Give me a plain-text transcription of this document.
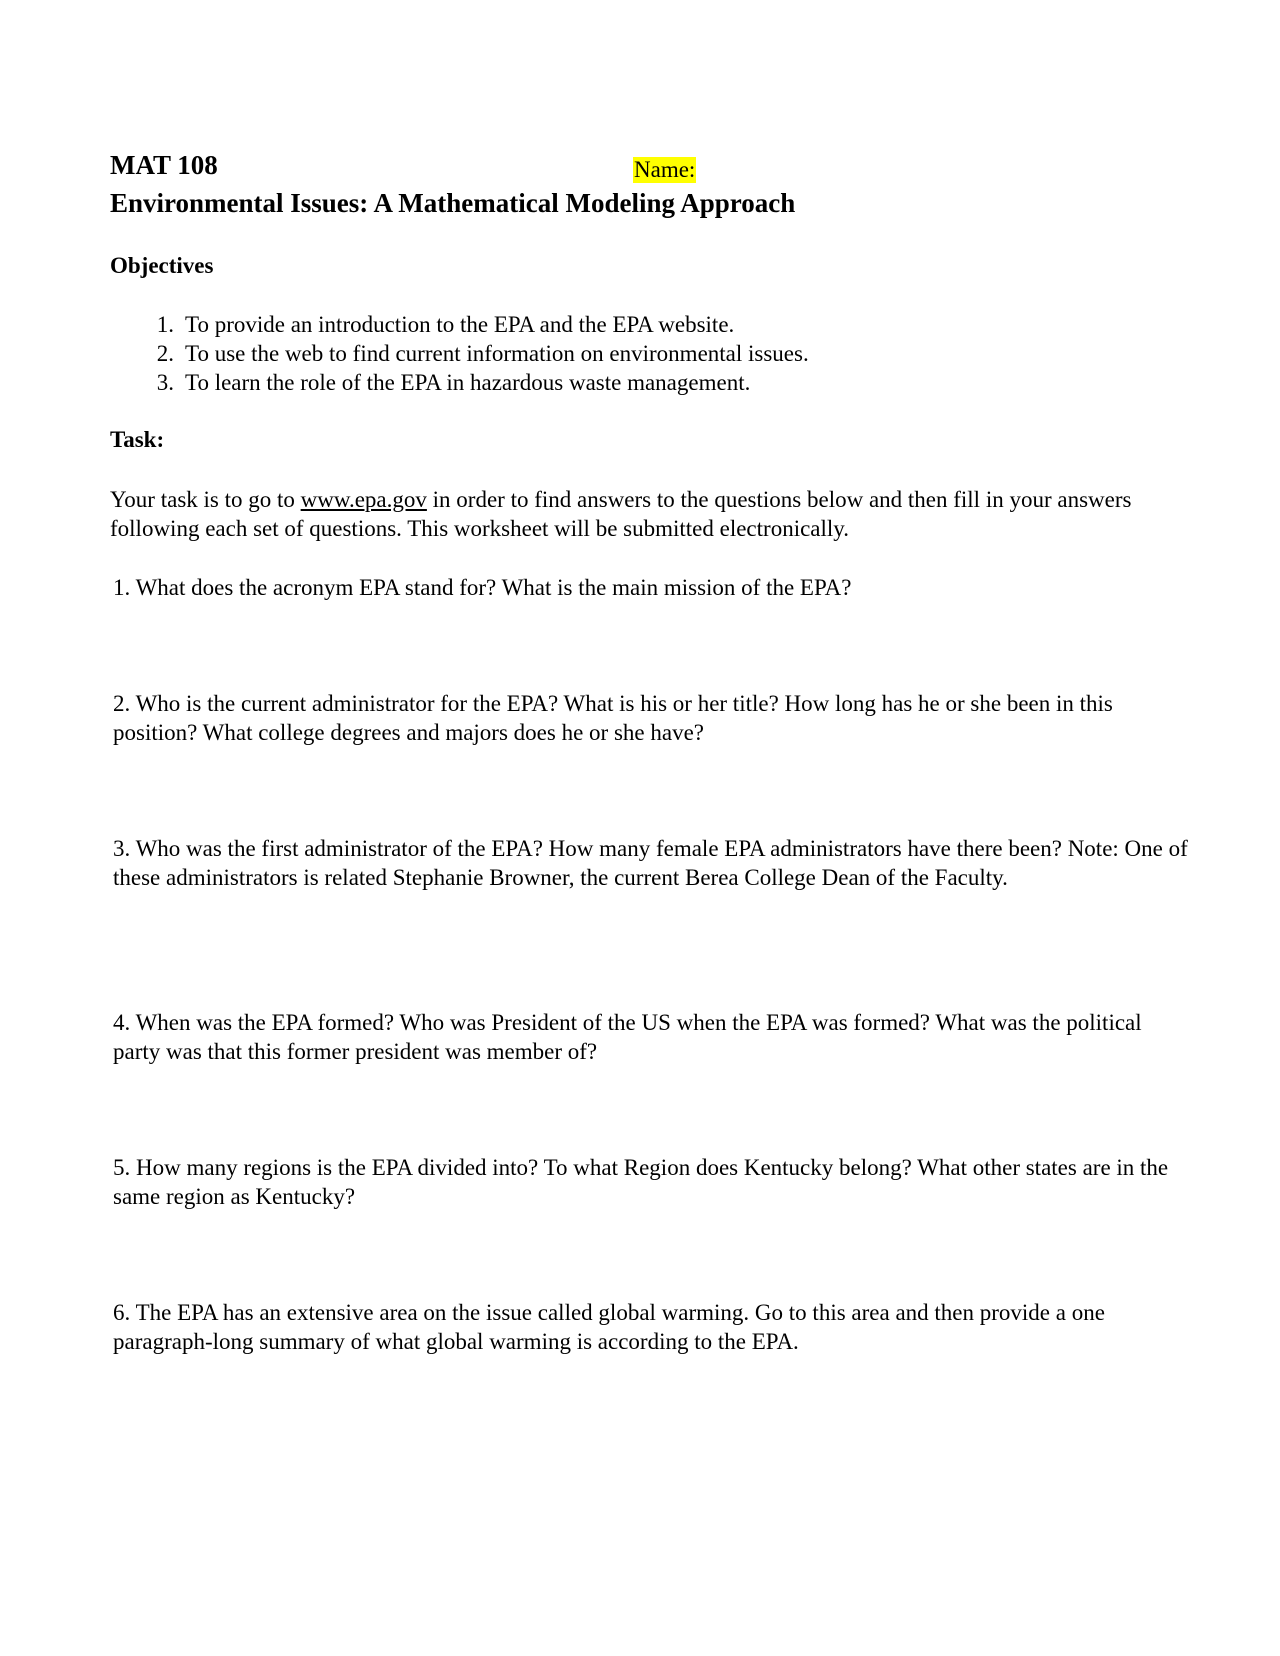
MAT 108	Name:
Environmental Issues: A Mathematical Modeling Approach
Objectives
1. To provide an introduction to the EPA and the EPA website.
2. To use the web to find current information on environmental issues.
3. To learn the role of the EPA in hazardous waste management.
Task:
Your task is to go to www.epa.gov in order to find answers to the questions below and then fill in your answers following each set of questions. This worksheet will be submitted electronically.
1. What does the acronym EPA stand for? What is the main mission of the EPA?
2. Who is the current administrator for the EPA? What is his or her title? How long has he or she been in this position? What college degrees and majors does he or she have?
3. Who was the first administrator of the EPA? How many female EPA administrators have there been? Note: One of these administrators is related Stephanie Browner, the current Berea College Dean of the Faculty.
4. When was the EPA formed? Who was President of the US when the EPA was formed? What was the political party was that this former president was member of?
5. How many regions is the EPA divided into? To what Region does Kentucky belong? What other states are in the same region as Kentucky?
6. The EPA has an extensive area on the issue called global warming. Go to this area and then provide a one paragraph-long summary of what global warming is according to the EPA.
